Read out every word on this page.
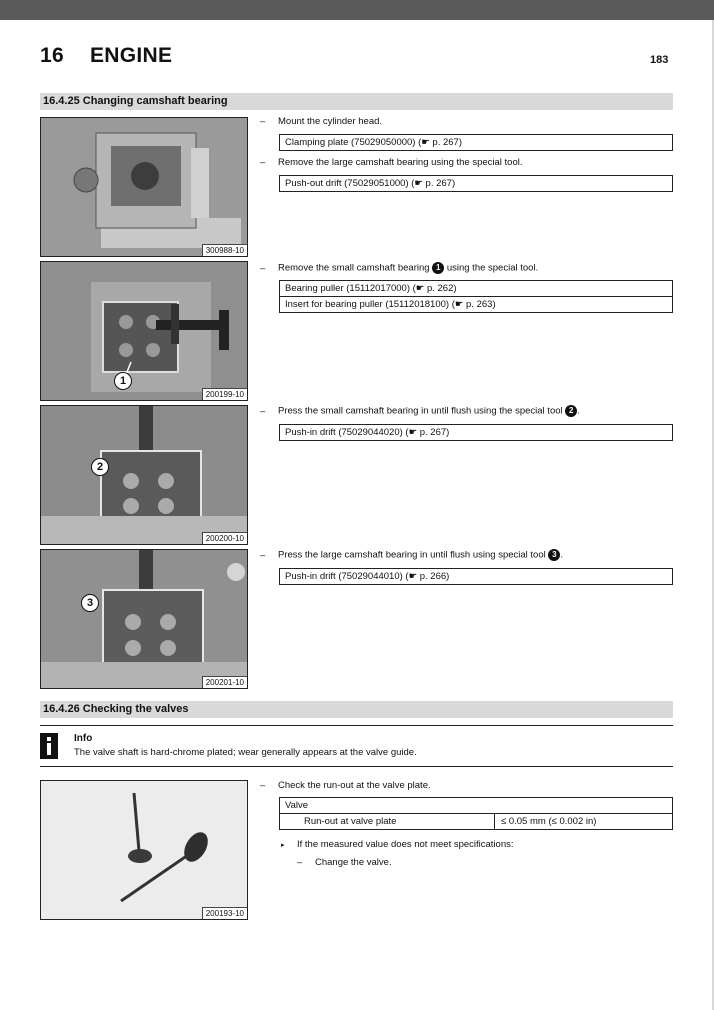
16 ENGINE	183
16.4.25 Changing camshaft bearing
300988-10
1
200199-10
2
200200-10
3
200201-10
– Mount the cylinder head.
Clamping plate (75029050000) (☛ p. 267)
– Remove the large camshaft bearing using the special tool.
Push-out drift (75029051000) (☛ p. 267)
– Remove the small camshaft bearing 1 using the special tool.
Bearing puller (15112017000) (☛ p. 262)
Insert for bearing puller (15112018100) (☛ p. 263)
– Press the small camshaft bearing in until flush using the special tool 2 .
Push-in drift (75029044020) (☛ p. 267)
– Press the large camshaft bearing in until flush using special tool 3 .
Push-in drift (75029044010) (☛ p. 266)
16.4.26 Checking the valves
Info
The valve shaft is hard-chrome plated; wear generally appears at the valve guide.
200193-10
– Check the run-out at the valve plate.
Valve
Run-out at valve plate	≤ 0.05 mm (≤ 0.002 in)
▸ If the measured value does not meet specifications:
– Change the valve.
